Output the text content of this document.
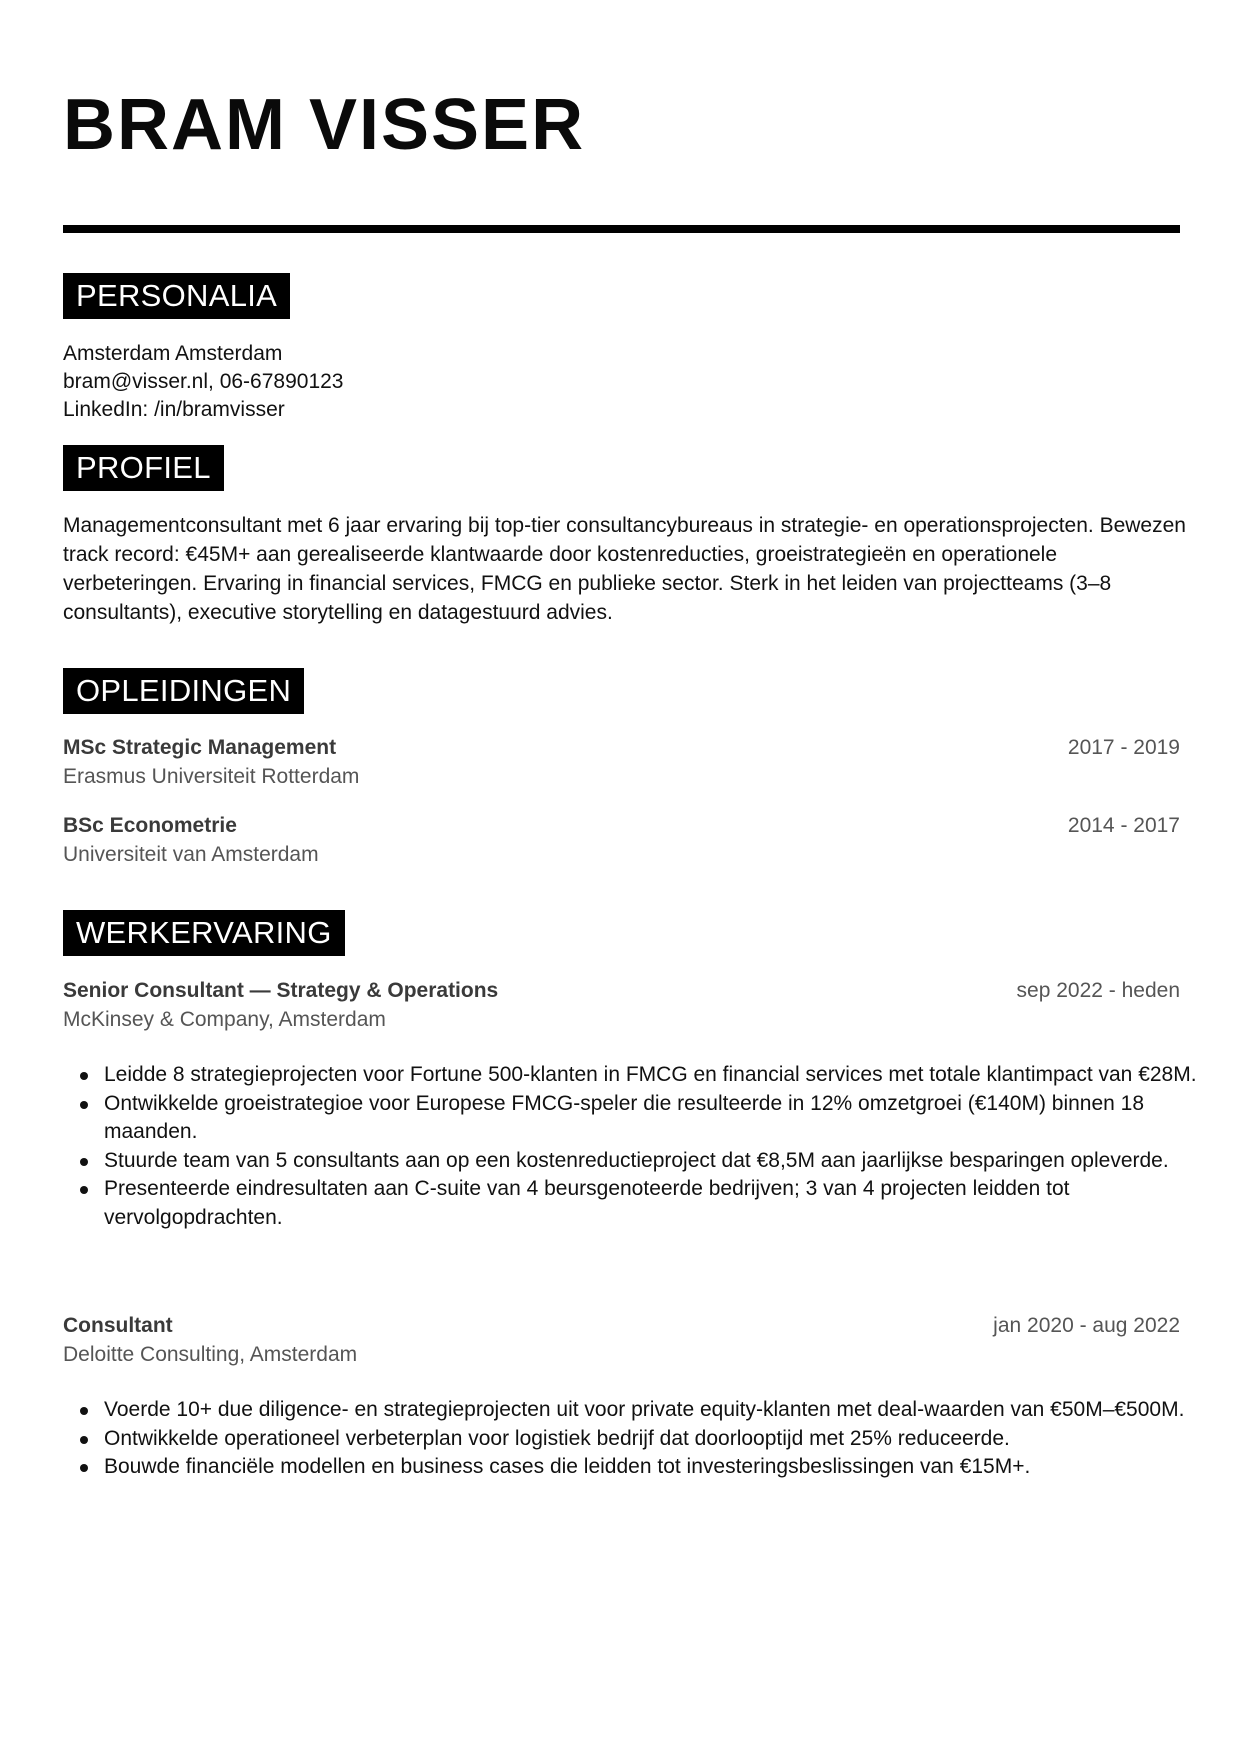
BRAM VISSER
PERSONALIA
Amsterdam Amsterdam
bram@visser.nl, 06-67890123
LinkedIn: /in/bramvisser
PROFIEL

Managementconsultant met 6 jaar ervaring bij top-tier consultancybureaus in strategie- en operationsprojecten. Bewezen track record: €45M+ aan gerealiseerde klantwaarde door kostenreducties, groeistrategieën en operationele verbeteringen. Ervaring in financial services, FMCG en publieke sector. Sterk in het leiden van projectteams (3–8 consultants), executive storytelling en datagestuurd advies.

OPLEIDINGEN
MSc Strategic Management
Erasmus Universiteit Rotterdam
2017 - 2019
BSc Econometrie
Universiteit van Amsterdam
2014 - 2017
WERKERVARING
Senior Consultant — Strategy & Operations
McKinsey & Company, Amsterdam
sep 2022 - heden
Leidde 8 strategieprojecten voor Fortune 500-klanten in FMCG en financial services met totale klantimpact van €28M.
Ontwikkelde groeistrategioe voor Europese FMCG-speler die resulteerde in 12% omzetgroei (€140M) binnen 18 maanden.
Stuurde team van 5 consultants aan op een kostenreductieproject dat €8,5M aan jaarlijkse besparingen opleverde.
Presenteerde eindresultaten aan C-suite van 4 beursgenoteerde bedrijven; 3 van 4 projecten leidden tot vervolgopdrachten.
Consultant
Deloitte Consulting, Amsterdam
jan 2020 - aug 2022
Voerde 10+ due diligence- en strategieprojecten uit voor private equity-klanten met deal-waarden van €50M–€500M.
Ontwikkelde operationeel verbeterplan voor logistiek bedrijf dat doorlooptijd met 25% reduceerde.
Bouwde financiële modellen en business cases die leidden tot investeringsbeslissingen van €15M+.
